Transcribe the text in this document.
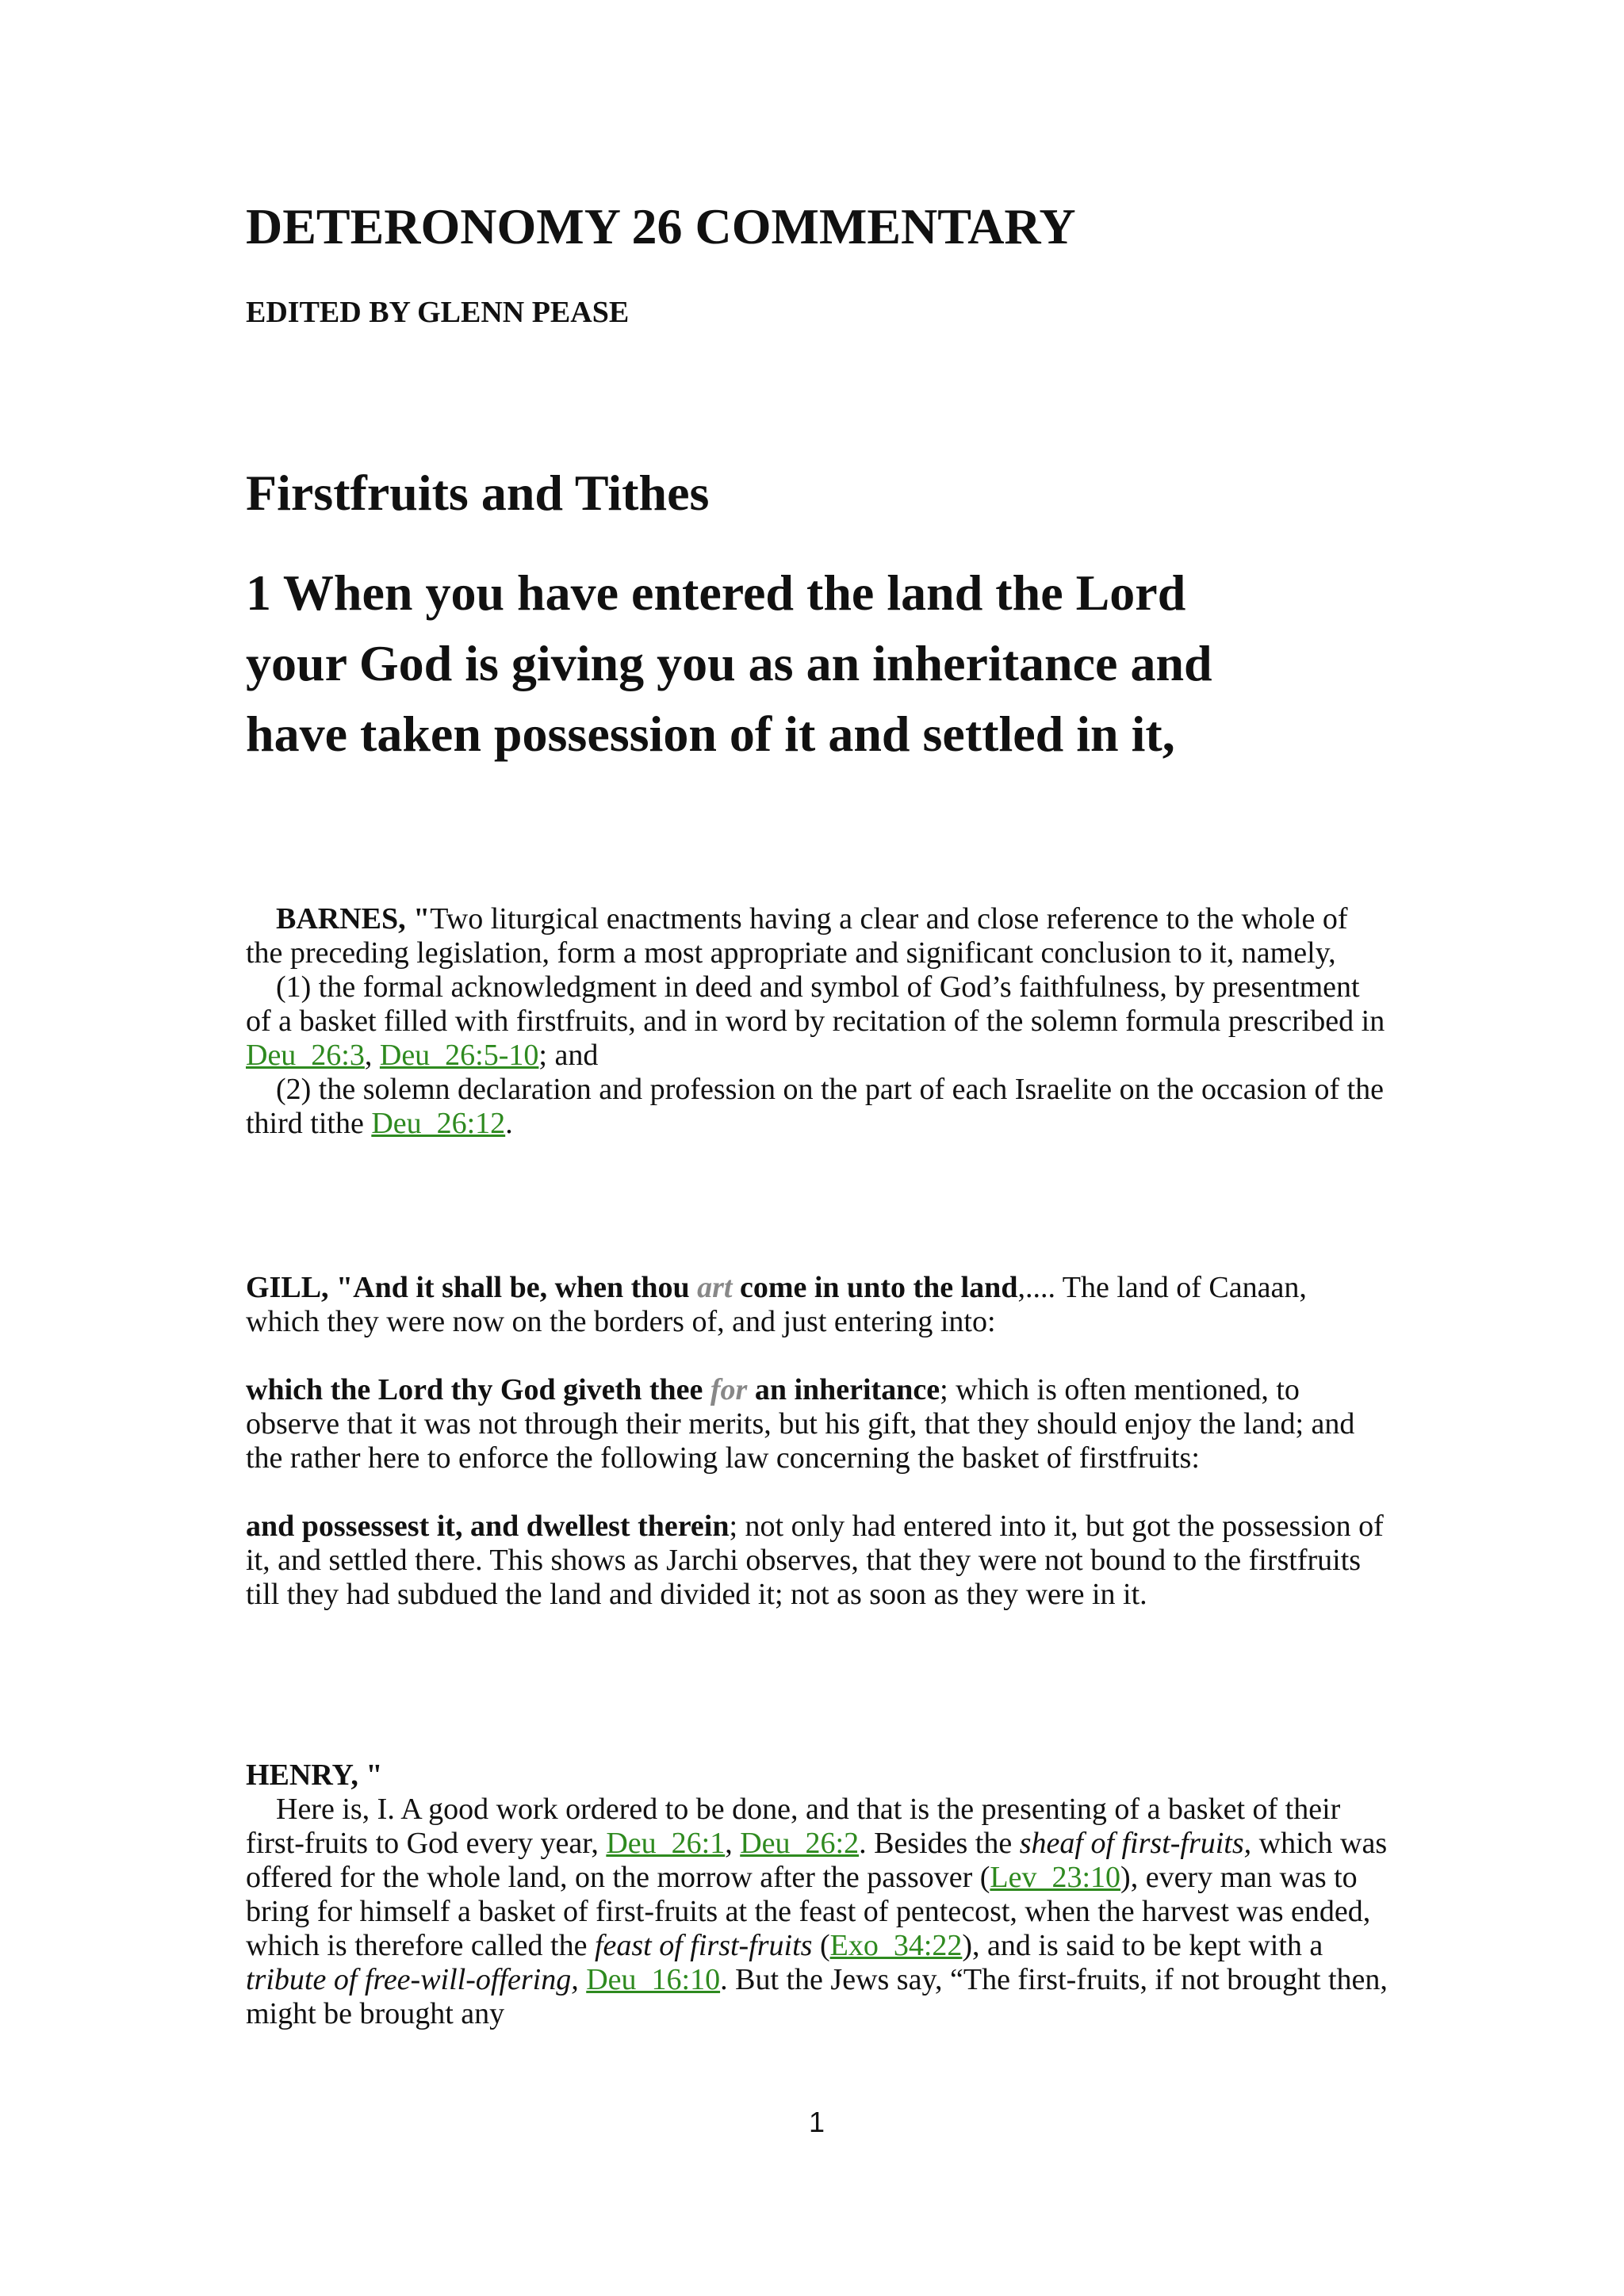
DETERONOMY 26 COMMENTARY
EDITED BY GLENN PEASE
Firstfruits and Tithes
1 When you have entered the land the Lord
your God is giving you as an inheritance and
have taken possession of it and settled in it,

BARNES, "Two liturgical enactments having a clear and close reference to the whole of the preceding legislation, form a most appropriate and significant conclusion to it, namely,

(1) the formal acknowledgment in deed and symbol of God’s faithfulness, by presentment of a basket filled with firstfruits, and in word by recitation of the solemn formula prescribed in Deu_26:3, Deu_26:5-10; and

(2) the solemn declaration and profession on the part of each Israelite on the occasion of the third tithe Deu_26:12.

GILL, "And it shall be, when thou art come in unto the land,.... The land of Canaan, which they were now on the borders of, and just entering into:

which the Lord thy God giveth thee for an inheritance; which is often mentioned, to observe that it was not through their merits, but his gift, that they should enjoy the land; and the rather here to enforce the following law concerning the basket of firstfruits:

and possessest it, and dwellest therein; not only had entered into it, but got the possession of it, and settled there. This shows as Jarchi observes, that they were not bound to the firstfruits till they had subdued the land and divided it; not as soon as they were in it.

HENRY, "

Here is, I. A good work ordered to be done, and that is the presenting of a basket of their first-fruits to God every year, Deu_26:1, Deu_26:2. Besides the sheaf of first-fruits, which was offered for the whole land, on the morrow after the passover (Lev_23:10), every man was to bring for himself a basket of first-fruits at the feast of pentecost, when the harvest was ended, which is therefore called the feast of first-fruits (Exo_34:22), and is said to be kept with a tribute of free-will-offering, Deu_16:10. But the Jews say, “The first-fruits, if not brought then, might be brought any

1
